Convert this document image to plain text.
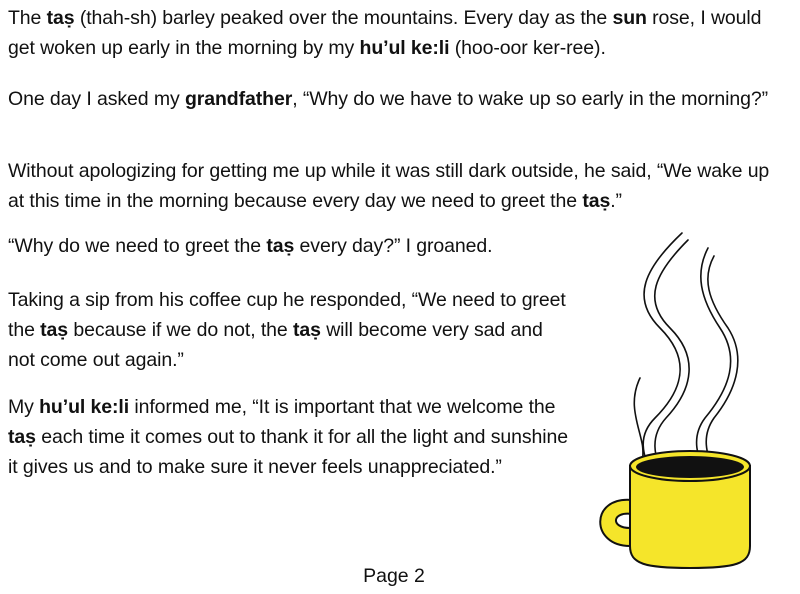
The taṣ (thah-sh) barley peaked over the mountains. Every day as the sun rose, I would get woken up early in the morning by my hu’ul ke:li (hoo-oor ker-ree).

One day I asked my grandfather, “Why do we have to wake up so early in the morning?”

Without apologizing for getting me up while it was still dark outside, he said, “We wake up at this time in the morning because every day we need to greet the taṣ.”

“Why do we need to greet the taṣ every day?” I groaned.

Taking a sip from his coffee cup he responded, “We need to greet the taṣ because if we do not, the taṣ will become very sad and not come out again.”

My hu’ul ke:li informed me, “It is important that we welcome the taṣ each time it comes out to thank it for all the light and sunshine it gives us and to make sure it never feels unappreciated.”

Page 2
